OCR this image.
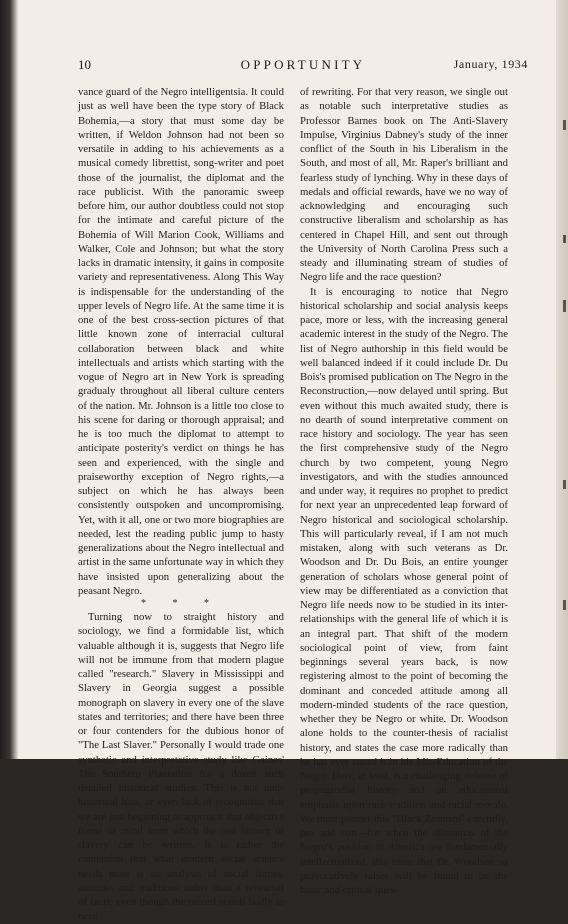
10	OPPORTUNITY	January, 1934

vance guard of the Negro intelligentsia. It could just as well have been the type story of Black Bohemia,—a story that must some day be written, if Weldon Johnson had not been so versatile in adding to his achievements as a musical comedy librettist, song-writer and poet those of the journalist, the diplomat and the race publicist. With the panoramic sweep before him, our author doubtless could not stop for the intimate and careful picture of the Bohemia of Will Marion Cook, Williams and Walker, Cole and Johnson; but what the story lacks in dramatic intensity, it gains in composite variety and representativeness. Along This Way is indispensable for the understanding of the upper levels of Negro life. At the same time it is one of the best cross-section pictures of that little known zone of interracial cultural collaboration between black and white intellectuals and artists which starting with the vogue of Negro art in New York is spreading gradualy throughout all liberal culture centers of the nation. Mr. Johnson is a little too close to his scene for daring or thorough appraisal; and he is too much the diplomat to attempt to anticipate posterity's verdict on things he has seen and experienced, with the single and praiseworthy exception of Negro rights,—a subject on which he has always been consistently outspoken and uncompromising. Yet, with it all, one or two more biographies are needed, lest the reading public jump to hasty generalizations about the Negro intellectual and artist in the same unfortunate way in which they have insisted upon generalizing about the peasant Negro.

* * *

Turning now to straight history and sociology, we find a formidable list, which valuable although it is, suggests that Negro life will not be immune from that modern plague called "research." Slavery in Mississippi and Slavery in Georgia suggest a possible monograph on slavery in every one of the slave states and territories; and there have been three or four contenders for the dubious honor of "The Last Slaver." Personally I would trade one synthetic and interpretative study like Gaines' The Southern Plantation for a dozen such detailed historical studies. This is not anti-historical bias, or even lack of recognition that we are just beginning to approach that objective frame of mind from which the real history of slavery can be written. It is rather the contention that what modern social science needs most is an analysis of social forces, attitudes and traditions rather than a rehearsal of facts; even though the record stands badly in need

of rewriting. For that very reason, we single out as notable such interpretative studies as Professor Barnes book on The Anti-Slavery Impulse, Virginius Dabney's study of the inner conflict of the South in his Liberalism in the South, and most of all, Mr. Raper's brilliant and fearless study of lynching. Why in these days of medals and official rewards, have we no way of acknowledging and encouraging such constructive liberalism and scholarship as has centered in Chapel Hill, and sent out through the University of North Carolina Press such a steady and illuminating stream of studies of Negro life and the race question?

It is encouraging to notice that Negro historical scholarship and social analysis keeps pace, more or less, with the increasing general academic interest in the study of the Negro. The list of Negro authorship in this field would be well balanced indeed if it could include Dr. Du Bois's promised publication on The Negro in the Reconstruction,—now delayed until spring. But even without this much awaited study, there is no dearth of sound interpretative comment on race history and sociology. The year has seen the first comprehensive study of the Negro church by two competent, young Negro investigators, and with the studies announced and under way, it requires no prophet to predict for next year an unprecedented leap forward of Negro historical and sociological scholarship. This will particularly reveal, if I am not much mistaken, along with such veterans as Dr. Woodson and Dr. Du Bois, an entire younger generation of scholars whose general point of view may be differentiated as a conviction that Negro life needs now to be studied in its inter-relationships with the general life of which it is an integral part. That shift of the modern sociological point of view, from faint beginnings several years back, is now registering almost to the point of becoming the dominant and conceded attitude among all modern-minded students of the race question, whether they be Negro or white. Dr. Woodson alone holds to the counter-thesis of racialist history, and states the case more radically than he has ever stated it in his Mis-Education of the Negro. Here, at least, is a challenging defense of propagandist history and an educational emphasis upon race tradition and racial morale. We must ponder this "Black Zionism" carefully, pro and con—for when the dilemmas of the Negro's position in America are fundamentally intellectualized, this issue that Dr. Woodson so provocatively raises will be found to be the basic and critical ques-
